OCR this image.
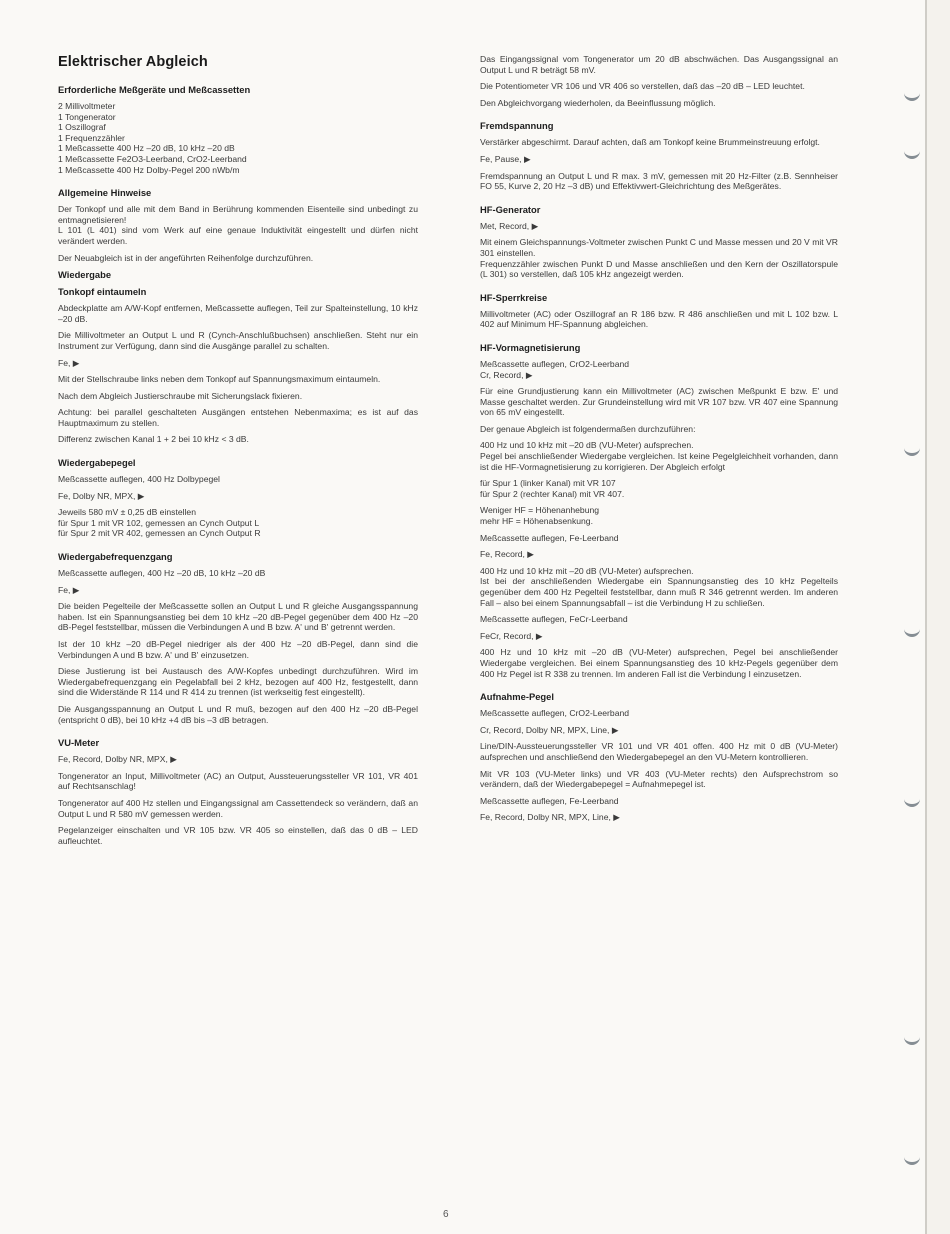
Elektrischer Abgleich
Erforderliche Meßgeräte und Meßcassetten
2 Millivoltmeter
1 Tongenerator
1 Oszillograf
1 Frequenzzähler
1 Meßcassette 400 Hz –20 dB, 10 kHz –20 dB
1 Meßcassette Fe2O3-Leerband, CrO2-Leerband
1 Meßcassette 400 Hz Dolby-Pegel 200 nWb/m
Allgemeine Hinweise
Der Tonkopf und alle mit dem Band in Berührung kommenden Eisenteile sind unbedingt zu entmagnetisieren!
L 101 (L 401) sind vom Werk auf eine genaue Induktivität eingestellt und dürfen nicht verändert werden.
Der Neuabgleich ist in der angeführten Reihenfolge durchzuführen.
Wiedergabe
Tonkopf eintaumeln
Abdeckplatte am A/W-Kopf entfernen, Meßcassette auflegen, Teil zur Spalteinstellung, 10 kHz –20 dB.
Die Millivoltmeter an Output L und R (Cynch-Anschlußbuchsen) anschließen. Steht nur ein Instrument zur Verfügung, dann sind die Ausgänge parallel zu schalten.
Fe, ▶
Mit der Stellschraube links neben dem Tonkopf auf Spannungsmaximum eintaumeln.
Nach dem Abgleich Justierschraube mit Sicherungslack fixieren.
Achtung: bei parallel geschalteten Ausgängen entstehen Nebenmaxima; es ist auf das Hauptmaximum zu stellen.
Differenz zwischen Kanal 1 + 2 bei 10 kHz < 3 dB.
Wiedergabepegel
Meßcassette auflegen, 400 Hz Dolbypegel
Fe, Dolby NR, MPX, ▶
Jeweils 580 mV ± 0,25 dB einstellen
für Spur 1 mit VR 102, gemessen an Cynch Output L
für Spur 2 mit VR 402, gemessen an Cynch Output R
Wiedergabefrequenzgang
Meßcassette auflegen, 400 Hz –20 dB, 10 kHz –20 dB
Fe, ▶
Die beiden Pegelteile der Meßcassette sollen an Output L und R gleiche Ausgangsspannung haben. Ist ein Spannungsanstieg bei dem 10 kHz –20 dB-Pegel gegenüber dem 400 Hz –20 dB-Pegel feststellbar, müssen die Verbindungen A und B bzw. A' und B' getrennt werden.
Ist der 10 kHz –20 dB-Pegel niedriger als der 400 Hz –20 dB-Pegel, dann sind die Verbindungen A und B bzw. A' und B' einzusetzen.
Diese Justierung ist bei Austausch des A/W-Kopfes unbedingt durchzuführen. Wird im Wiedergabefrequenzgang ein Pegelabfall bei 2 kHz, bezogen auf 400 Hz, festgestellt, dann sind die Widerstände R 114 und R 414 zu trennen (ist werkseitig fest eingestellt).
Die Ausgangsspannung an Output L und R muß, bezogen auf den 400 Hz –20 dB-Pegel (entspricht 0 dB), bei 10 kHz +4 dB bis –3 dB betragen.
VU-Meter
Fe, Record, Dolby NR, MPX, ▶
Tongenerator an Input, Millivoltmeter (AC) an Output, Aussteuerungssteller VR 101, VR 401 auf Rechtsanschlag!
Tongenerator auf 400 Hz stellen und Eingangssignal am Cassettendeck so verändern, daß an Output L und R 580 mV gemessen werden.
Pegelanzeiger einschalten und VR 105 bzw. VR 405 so einstellen, daß das 0 dB – LED aufleuchtet.
Das Eingangssignal vom Tongenerator um 20 dB abschwächen. Das Ausgangssignal an Output L und R beträgt 58 mV.
Die Potentiometer VR 106 und VR 406 so verstellen, daß das –20 dB – LED leuchtet.
Den Abgleichvorgang wiederholen, da Beeinflussung möglich.
Fremdspannung
Verstärker abgeschirmt. Darauf achten, daß am Tonkopf keine Brummeinstreuung erfolgt.
Fe, Pause, ▶
Fremdspannung an Output L und R max. 3 mV, gemessen mit 20 Hz-Filter (z.B. Sennheiser FO 55, Kurve 2, 20 Hz –3 dB) und Effektivwert-Gleichrichtung des Meßgerätes.
HF-Generator
Met, Record, ▶
Mit einem Gleichspannungs-Voltmeter zwischen Punkt C und Masse messen und 20 V mit VR 301 einstellen.
Frequenzzähler zwischen Punkt D und Masse anschließen und den Kern der Oszillatorspule (L 301) so verstellen, daß 105 kHz angezeigt werden.
HF-Sperrkreise
Millivoltmeter (AC) oder Oszillograf an R 186 bzw. R 486 anschließen und mit L 102 bzw. L 402 auf Minimum HF-Spannung abgleichen.
HF-Vormagnetisierung
Meßcassette auflegen, CrO2-Leerband
Cr, Record, ▶
Für eine Grundjustierung kann ein Millivoltmeter (AC) zwischen Meßpunkt E bzw. E' und Masse geschaltet werden. Zur Grundeinstellung wird mit VR 107 bzw. VR 407 eine Spannung von 65 mV eingestellt.
Der genaue Abgleich ist folgendermaßen durchzuführen:
400 Hz und 10 kHz mit –20 dB (VU-Meter) aufsprechen.
Pegel bei anschließender Wiedergabe vergleichen. Ist keine Pegelgleichheit vorhanden, dann ist die HF-Vormagnetisierung zu korrigieren. Der Abgleich erfolgt
für Spur 1 (linker Kanal) mit VR 107
für Spur 2 (rechter Kanal) mit VR 407.
Weniger HF = Höhenanhebung
mehr HF = Höhenabsenkung.
Meßcassette auflegen, Fe-Leerband
Fe, Record, ▶
400 Hz und 10 kHz mit –20 dB (VU-Meter) aufsprechen.
Ist bei der anschließenden Wiedergabe ein Spannungsanstieg des 10 kHz Pegelteils gegenüber dem 400 Hz Pegelteil feststellbar, dann muß R 346 getrennt werden. Im anderen Fall – also bei einem Spannungsabfall – ist die Verbindung H zu schließen.
Meßcassette auflegen, FeCr-Leerband
FeCr, Record, ▶
400 Hz und 10 kHz mit –20 dB (VU-Meter) aufsprechen, Pegel bei anschließender Wiedergabe vergleichen. Bei einem Spannungsanstieg des 10 kHz-Pegels gegenüber dem 400 Hz Pegel ist R 338 zu trennen. Im anderen Fall ist die Verbindung I einzusetzen.
Aufnahme-Pegel
Meßcassette auflegen, CrO2-Leerband
Cr, Record, Dolby NR, MPX, Line, ▶
Line/DIN-Aussteuerungssteller VR 101 und VR 401 offen. 400 Hz mit 0 dB (VU-Meter) aufsprechen und anschließend den Wiedergabepegel an den VU-Metern kontrollieren.
Mit VR 103 (VU-Meter links) und VR 403 (VU-Meter rechts) den Aufsprechstrom so verändern, daß der Wiedergabepegel = Aufnahmepegel ist.
Meßcassette auflegen, Fe-Leerband
Fe, Record, Dolby NR, MPX, Line, ▶
6
